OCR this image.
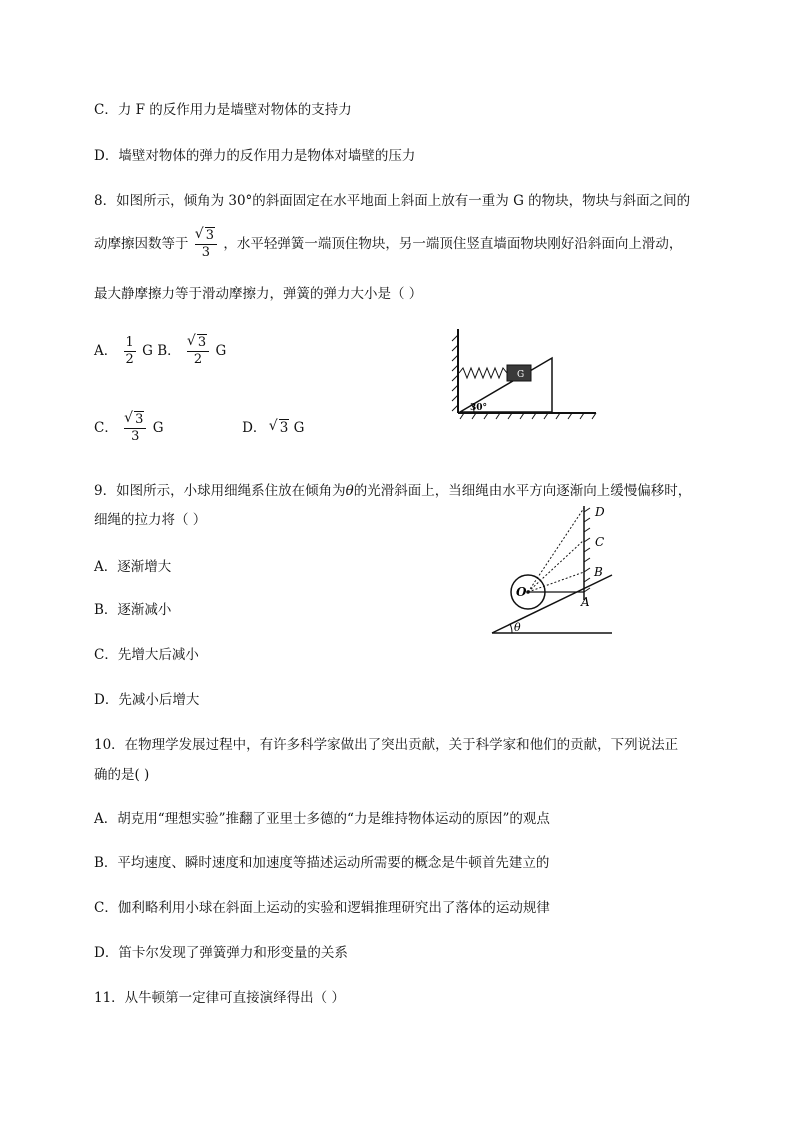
C．力 F 的反作用力是墙壁对物体的支持力
D．墙壁对物体的弹力的反作用力是物体对墙壁的压力
8．如图所示，倾角为 30°的斜面固定在水平地面上斜面上放有一重为 G 的物块，物块与斜面之间的
动摩擦因数等于 √ $\frac{3}{3}$ ，水平轻弹簧一端顶住物块，另一端顶住竖直墙面物块刚好沿斜面向上滑动，
最大静摩擦力等于滑动摩擦力，弹簧的弹力大小是（ ）
A． $\frac{1}{2}$ G B． √ $\frac{3}{2}$ G
C． √ $\frac{3}{3}$ G	D． √ 3 G
G
30°
9．如图所示，小球用细绳系住放在倾角为θ的光滑斜面上，当细绳由水平方向逐渐向上缓慢偏移时，
细绳的拉力将（ ）
A．逐渐增大
B．逐渐减小
C．先增大后减小
D．先减小后增大
O
D
C
B
A
θ
10．在物理学发展过程中，有许多科学家做出了突出贡献，关于科学家和他们的贡献，下列说法正
确的是( )
A．胡克用“理想实验”推翻了亚里士多德的“力是维持物体运动的原因”的观点
B．平均速度、瞬时速度和加速度等描述运动所需要的概念是牛顿首先建立的
C．伽利略利用小球在斜面上运动的实验和逻辑推理研究出了落体的运动规律
D．笛卡尔发现了弹簧弹力和形变量的关系
11．从牛顿第一定律可直接演绎得出（ ）
